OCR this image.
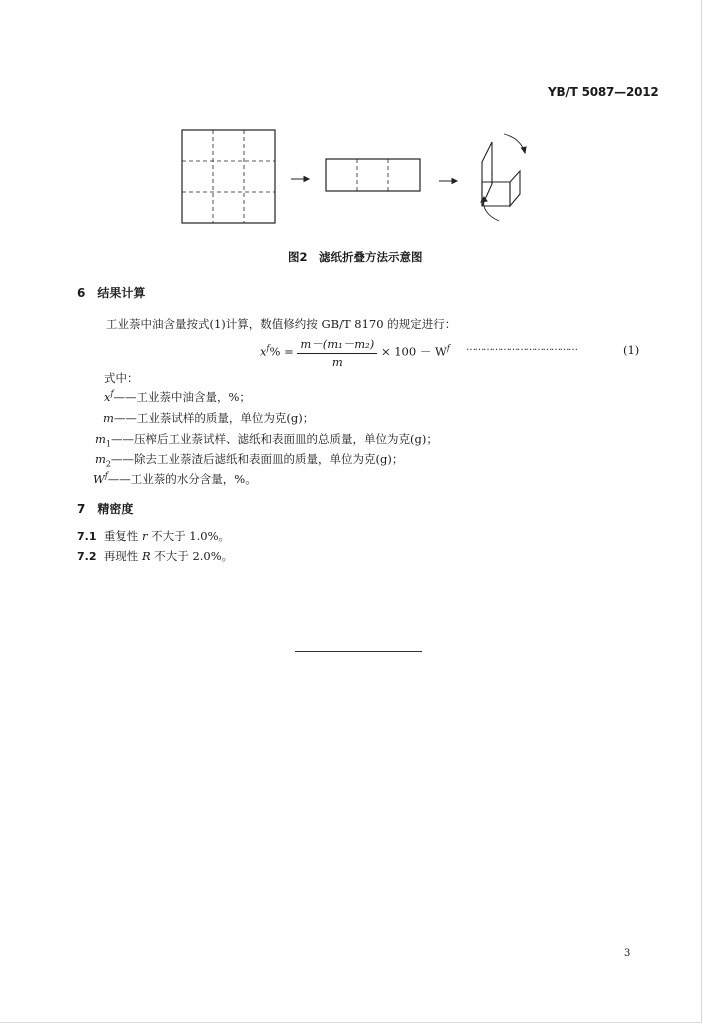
YB/T 5087—2012
图2　滤纸折叠方法示意图
6　结果计算
工业萘中油含量按式(1)计算，数值修约按 GB/T 8170 的规定进行：
$x^f\% = \frac{\text{m－(m₁－m₂)}}{m} \times 100 - W^f$ …………………………………	(1)
式中：
$x^f——$工业萘中油含量，%；
m——工业萘试样的质量，单位为克(g)；
$m_1——$压榨后工业萘试样、滤纸和表面皿的总质量，单位为克(g)；
$m_2——$除去工业萘渣后滤纸和表面皿的质量，单位为克(g)；
$W^f——$工业萘的水分含量，%。
7　精密度
7.1 重复性 r 不大于 1.0%。
7.2 再现性 R 不大于 2.0%。
3
